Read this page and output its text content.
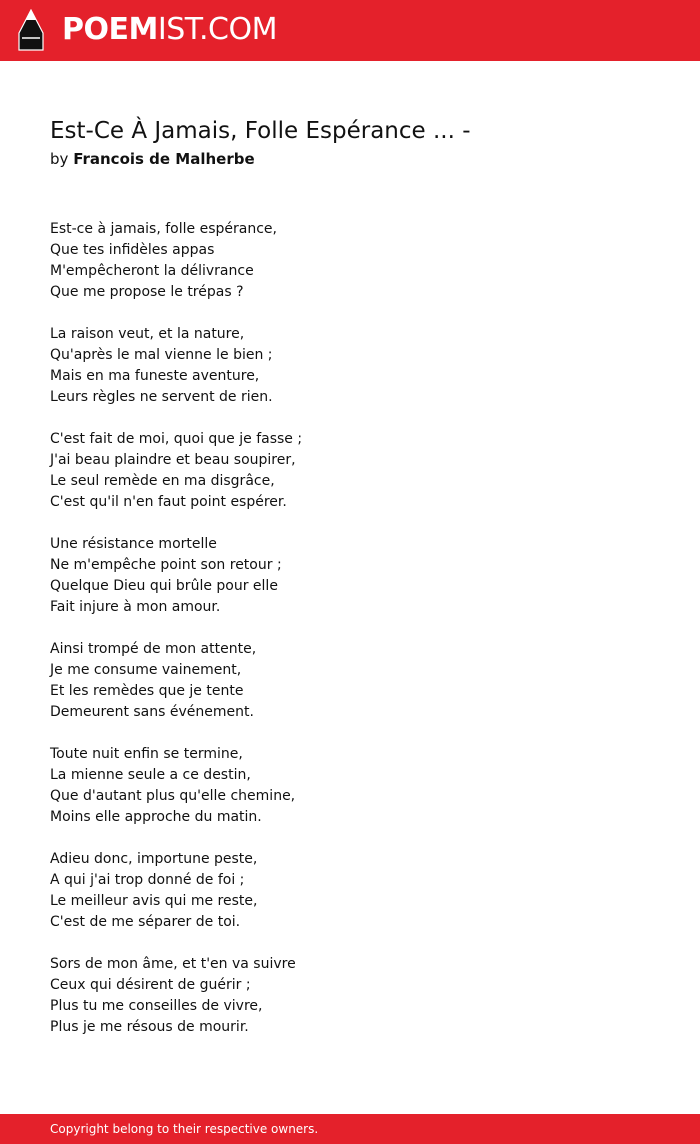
POEMIST.COM
Est-Ce À Jamais, Folle Espérance ... -
by Francois de Malherbe
Est-ce à jamais, folle espérance,
Que tes infidèles appas
M'empêcheront la délivrance
Que me propose le trépas ?
La raison veut, et la nature,
Qu'après le mal vienne le bien ;
Mais en ma funeste aventure,
Leurs règles ne servent de rien.
C'est fait de moi, quoi que je fasse ;
J'ai beau plaindre et beau soupirer,
Le seul remède en ma disgrâce,
C'est qu'il n'en faut point espérer.
Une résistance mortelle
Ne m'empêche point son retour ;
Quelque Dieu qui brûle pour elle
Fait injure à mon amour.
Ainsi trompé de mon attente,
Je me consume vainement,
Et les remèdes que je tente
Demeurent sans événement.
Toute nuit enfin se termine,
La mienne seule a ce destin,
Que d'autant plus qu'elle chemine,
Moins elle approche du matin.
Adieu donc, importune peste,
A qui j'ai trop donné de foi ;
Le meilleur avis qui me reste,
C'est de me séparer de toi.
Sors de mon âme, et t'en va suivre
Ceux qui désirent de guérir ;
Plus tu me conseilles de vivre,
Plus je me résous de mourir.
Copyright belong to their respective owners.
